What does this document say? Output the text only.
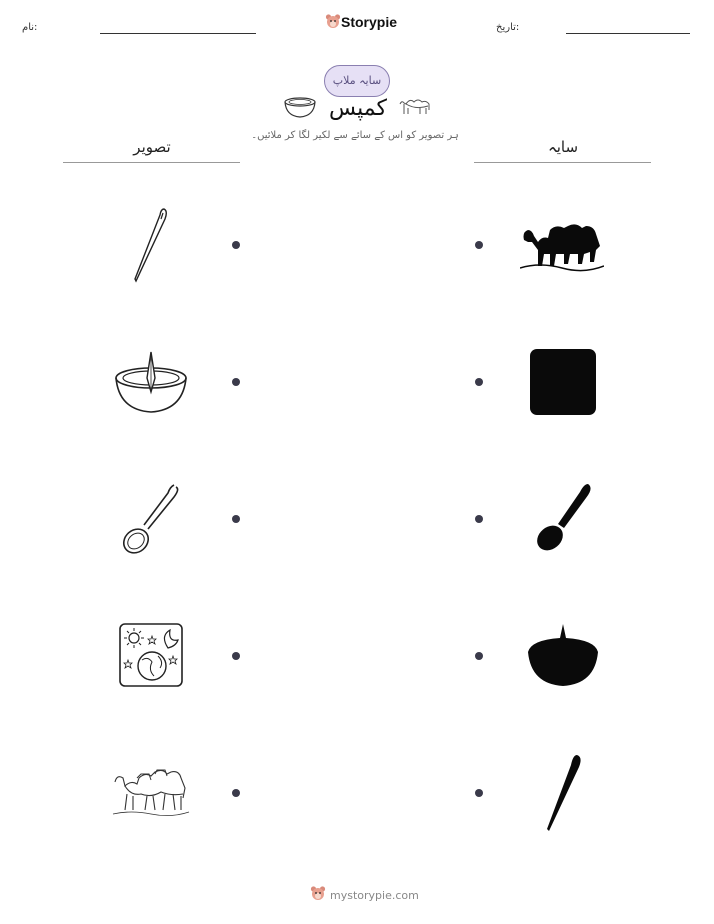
نام:	Storypie	تاریخ:
سایہ ملاپ
کمپس
ہر تصویر کو اس کے سائے سے لکیر لگا کر ملائیں۔
تصویر	سایہ
mystorypie.com
